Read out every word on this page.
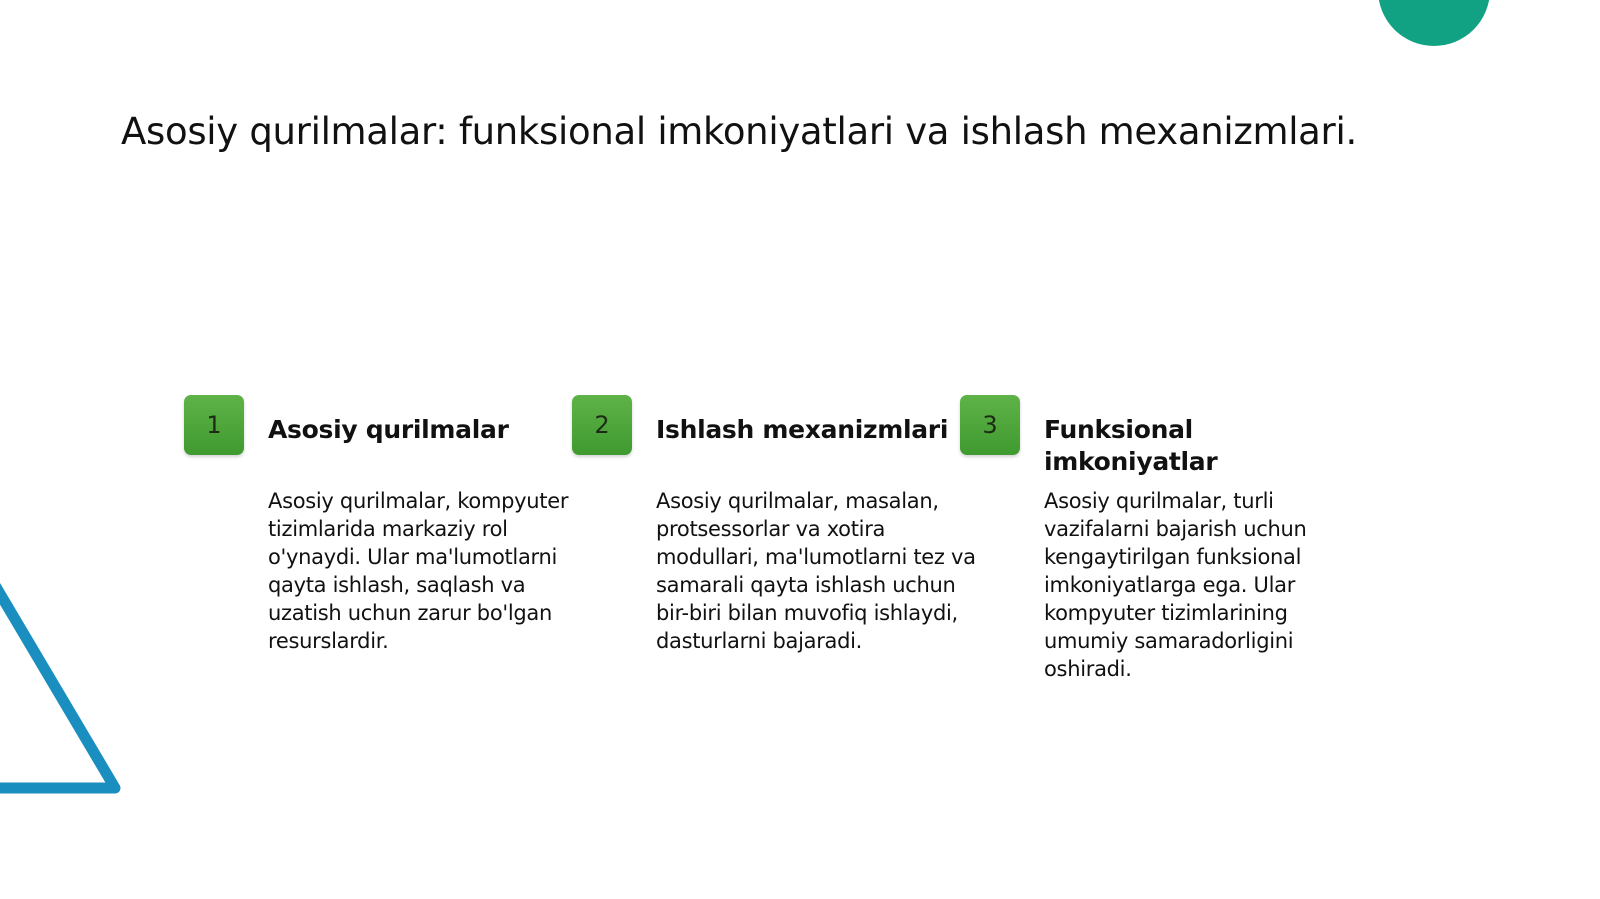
Asosiy qurilmalar: funksional imkoniyatlari va ishlash mexanizmlari.
1	Asosiy qurilmalar

Asosiy qurilmalar, kompyuter tizimlarida markaziy rol o'ynaydi. Ular ma'lumotlarni qayta ishlash, saqlash va uzatish uchun zarur bo'lgan resurslardir.

2	Ishlash mexanizmlari

Asosiy qurilmalar, masalan, protsessorlar va xotira modullari, ma'lumotlarni tez va samarali qayta ishlash uchun bir-biri bilan muvofiq ishlaydi, dasturlarni bajaradi.

3	Funksional imkoniyatlar

Asosiy qurilmalar, turli vazifalarni bajarish uchun kengaytirilgan funksional imkoniyatlarga ega. Ular kompyuter tizimlarining umumiy samaradorligini oshiradi.
